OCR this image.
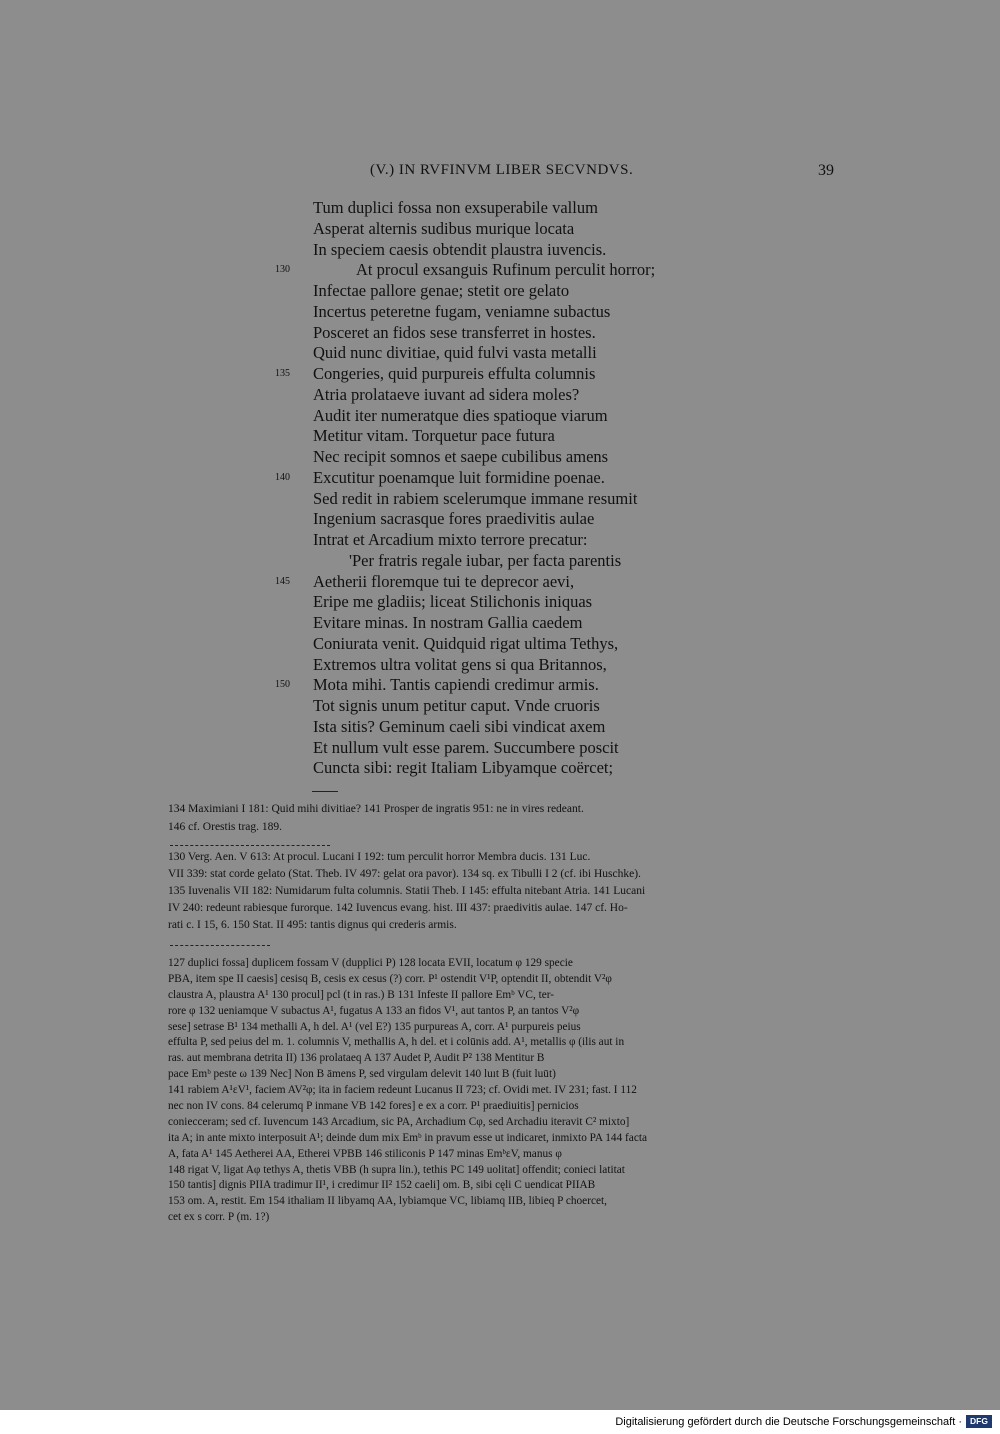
(V.) IN RVFINVM LIBER SECVNDVS.	39
Tum duplici fossa non exsuperabile vallum
Asperat alternis sudibus murique locata
In speciem caesis obtendit plaustra iuvencis.
130	At procul exsanguis Rufinum perculit horror;
Infectae pallore genae; stetit ore gelato
Incertus peteretne fugam, veniamne subactus
Posceret an fidos sese transferret in hostes.
Quid nunc divitiae, quid fulvi vasta metalli
135 Congeries, quid purpureis effulta columnis
Atria prolataeve iuvant ad sidera moles?
Audit iter numeratque dies spatioque viarum
Metitur vitam. Torquetur pace futura
Nec recipit somnos et saepe cubilibus amens
140 Excutitur poenamque luit formidine poenae.
Sed redit in rabiem scelerumque immane resumit
Ingenium sacrasque fores praedivitis aulae
Intrat et Arcadium mixto terrore precatur:
'Per fratris regale iubar, per facta parentis
145 Aetherii floremque tui te deprecor aevi,
Eripe me gladiis; liceat Stilichonis iniquas
Evitare minas. In nostram Gallia caedem
Coniurata venit. Quidquid rigat ultima Tethys,
Extremos ultra volitat gens si qua Britannos,
150 Mota mihi. Tantis capiendi credimur armis.
Tot signis unum petitur caput. Vnde cruoris
Ista sitis? Geminum caeli sibi vindicat axem
Et nullum vult esse parem. Succumbere poscit
Cuncta sibi: regit Italiam Libyamque coërcet;
134 Maximiani I 181: Quid mihi divitiae? 141 Prosper de ingratis 951: ne in vires redeant.
146 cf. Orestis trag. 189.
130 Verg. Aen. V 613: At procul. Lucani I 192: tum perculit horror Membra ducis. 131 Luc.
VII 339: stat corde gelato (Stat. Theb. IV 497: gelat ora pavor). 134 sq. ex Tibulli I 2 (cf. ibi Huschke).
135 Iuvenalis VII 182: Numidarum fulta columnis. Statii Theb. I 145: effulta nitebant Atria. 141 Lucani
IV 240: redeunt rabiesque furorque. 142 Iuvencus evang. hist. III 437: praedivitis aulae. 147 cf. Ho-
rati c. I 15, 6. 150 Stat. II 495: tantis dignus qui crederis armis.
127 duplici fossa] duplicem fossam V (dupplici P) 128 locata EVII, locatum φ 129 specie
PBA, item spe II caesis] cesisq B, cesis ex cesus (?) corr. P¹ ostendit V¹P, optendit II, obtendit V²φ
claustra A, plaustra A¹ 130 procul] pcl (t in ras.) B 131 Infeste II pallore Emᵇ VC, ter-
rore φ 132 ueniamque V subactus A¹, fugatus A 133 an fidos V¹, aut tantos P, an tantos V²φ
sese] setrase B¹ 134 methalli A, h del. A¹ (vel E?) 135 purpureas A, corr. A¹ purpureis peius
effulta P, sed peius del m. 1. columnis V, methallis A, h del. et i colūnis add. A¹, metallis φ (ilis aut in
ras. aut membrana detrita II) 136 prolataeq A 137 Audet P, Audit P² 138 Mentitur B
pace Emᵇ peste ω 139 Nec] Non B āmens P, sed virgulam delevit 140 luıt B (fuit luūt)
141 rabiem A¹εV¹, faciem AV²φ; ita in faciem redeunt Lucanus II 723; cf. Ovidi met. IV 231; fast. I 112
nec non IV cons. 84 celerumq P inmane VB 142 fores] e ex a corr. P¹ praediuitis] pernicios
coniecceram; sed cf. Iuvencum 143 Arcadium, sic PA, Archadium Cφ, sed Archadiu iteravit C² mixto]
ita A; in ante mixto interposuit A¹; deinde dum mix Emᵇ in pravum esse ut indicaret, inmixto PA 144 facta
A, fata A¹ 145 Aetherei AA, Etherei VPBB 146 stiliconis P 147 minas EmᵇεV, manus φ
148 rigat V, ligat Aφ tethys A, thetis VBB (h supra lin.), tethis PC 149 uolitat] offendit; conieci latitat
150 tantis] dignis PIIA tradimur II¹, i credimur II² 152 caeli] om. B, sibi cęli C uendicat PIIAB
153 om. A, restit. Em 154 ithaliam II libyamq AA, lybiamque VC, libiamq IIB, libieq P choercet,
cet ex s corr. P (m. 1?)
Digitalisierung gefördert durch die Deutsche Forschungsgemeinschaft · DFG
